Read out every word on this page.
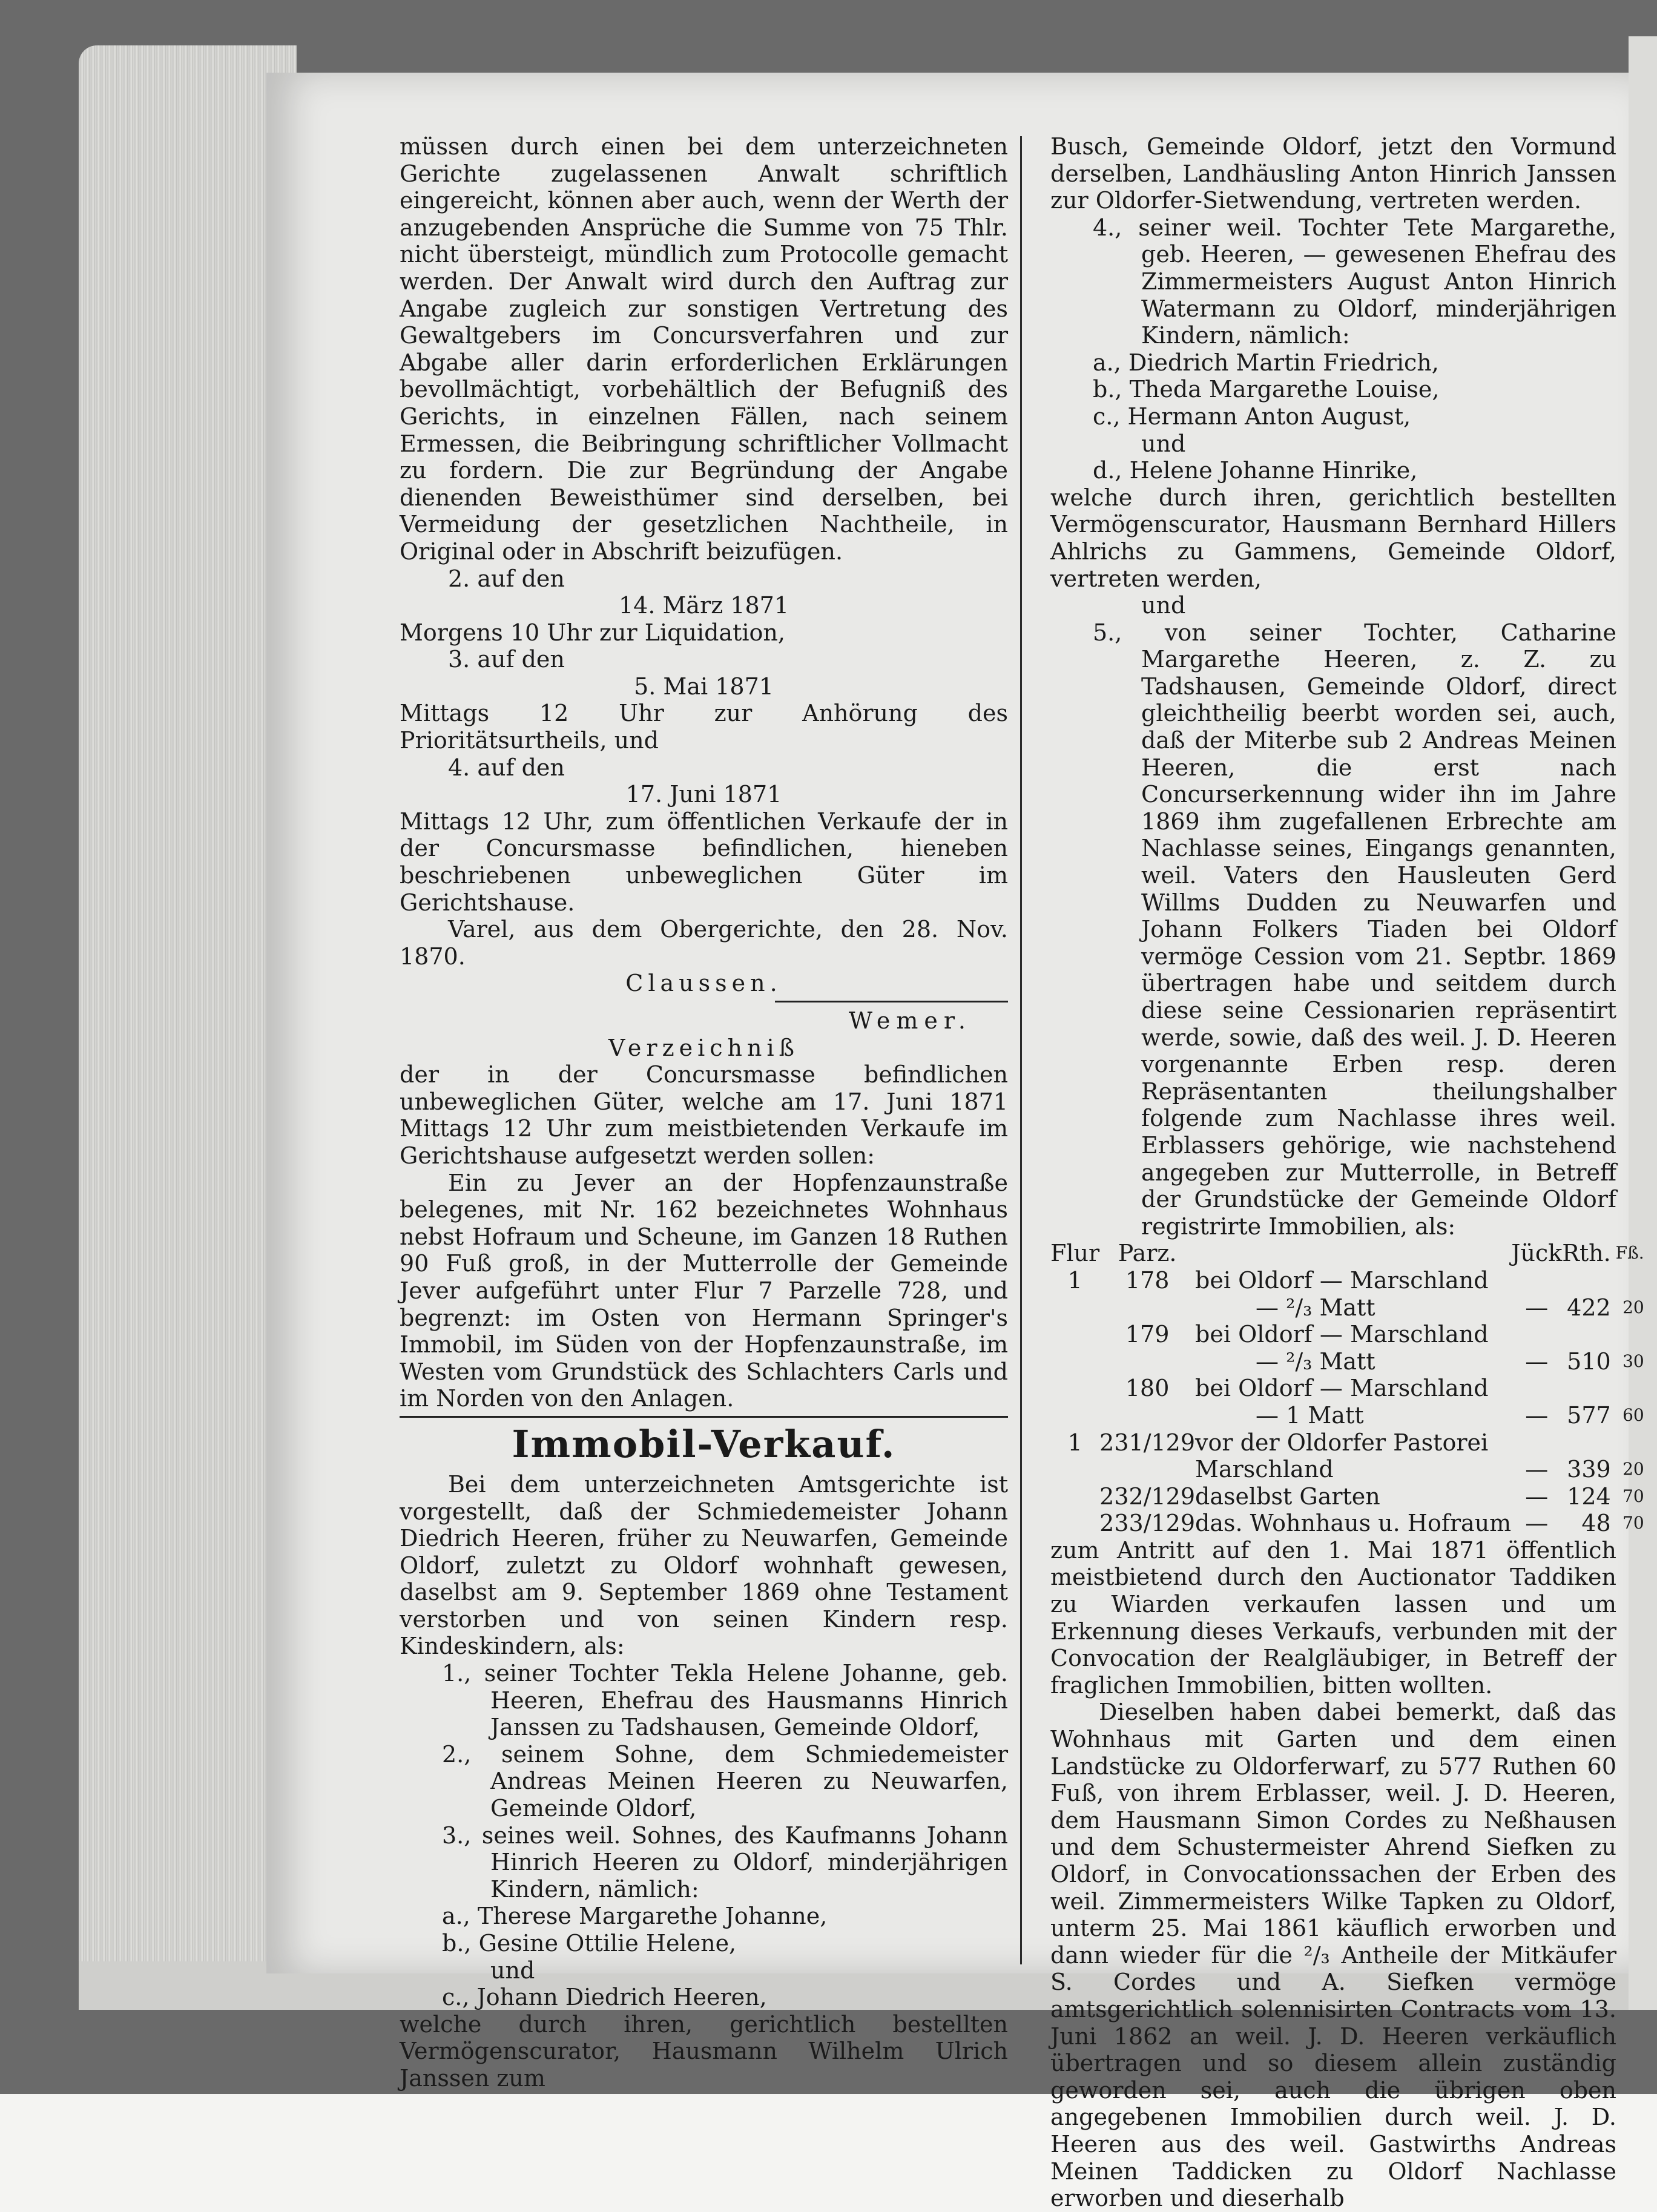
müssen durch einen bei dem unterzeichneten Gerichte zugelassenen Anwalt schriftlich eingereicht, können aber auch, wenn der Werth der anzugebenden Ansprüche die Summe von 75 Thlr. nicht übersteigt, mündlich zum Protocolle gemacht werden. Der Anwalt wird durch den Auftrag zur Angabe zugleich zur sonstigen Vertretung des Gewaltgebers im Concursverfahren und zur Abgabe aller darin erforderlichen Erklärungen bevollmächtigt, vorbehältlich der Befugniß des Gerichts, in einzelnen Fällen, nach seinem Ermessen, die Beibringung schriftlicher Vollmacht zu fordern. Die zur Begründung der Angabe dienenden Beweisthümer sind derselben, bei Vermeidung der gesetzlichen Nachtheile, in Original oder in Abschrift beizufügen.

2. auf den

14. März 1871

Morgens 10 Uhr zur Liquidation,

3. auf den

5. Mai 1871

Mittags 12 Uhr zur Anhörung des Prioritätsurtheils, und

4. auf den

17. Juni 1871

Mittags 12 Uhr, zum öffentlichen Verkaufe der in der Concursmasse befindlichen, hieneben beschriebenen unbeweglichen Güter im Gerichtshause.

Varel, aus dem Obergerichte, den 28. Nov. 1870.

Claussen.

Wemer.

Verzeichniß

der in der Concursmasse befindlichen unbeweglichen Güter, welche am 17. Juni 1871 Mittags 12 Uhr zum meistbietenden Verkaufe im Gerichtshause aufgesetzt werden sollen:

Ein zu Jever an der Hopfenzaunstraße belegenes, mit Nr. 162 bezeichnetes Wohnhaus nebst Hofraum und Scheune, im Ganzen 18 Ruthen 90 Fuß groß, in der Mutterrolle der Gemeinde Jever aufgeführt unter Flur 7 Parzelle 728, und begrenzt: im Osten von Hermann Springer's Immobil, im Süden von der Hopfenzaunstraße, im Westen vom Grundstück des Schlachters Carls und im Norden von den Anlagen.

Immobil-Verkauf.

Bei dem unterzeichneten Amtsgerichte ist vorgestellt, daß der Schmiedemeister Johann Diedrich Heeren, früher zu Neuwarfen, Gemeinde Oldorf, zuletzt zu Oldorf wohnhaft gewesen, daselbst am 9. September 1869 ohne Testament verstorben und von seinen Kindern resp. Kindeskindern, als:

1., seiner Tochter Tekla Helene Johanne, geb. Heeren, Ehefrau des Hausmanns Hinrich Janssen zu Tadshausen, Gemeinde Oldorf,

2., seinem Sohne, dem Schmiedemeister Andreas Meinen Heeren zu Neuwarfen, Gemeinde Oldorf,

3., seines weil. Sohnes, des Kaufmanns Johann Hinrich Heeren zu Oldorf, minderjährigen Kindern, nämlich:

a., Therese Margarethe Johanne,

b., Gesine Ottilie Helene,

und

c., Johann Diedrich Heeren,

welche durch ihren, gerichtlich bestellten Vermögenscurator, Hausmann Wilhelm Ulrich Janssen zum

Busch, Gemeinde Oldorf, jetzt den Vormund derselben, Landhäusling Anton Hinrich Janssen zur Oldorfer-Sietwendung, vertreten werden.

4., seiner weil. Tochter Tete Margarethe, geb. Heeren, — gewesenen Ehefrau des Zimmermeisters August Anton Hinrich Watermann zu Oldorf, minderjährigen Kindern, nämlich:

a., Diedrich Martin Friedrich,

b., Theda Margarethe Louise,

c., Hermann Anton August,

und

d., Helene Johanne Hinrike,

welche durch ihren, gerichtlich bestellten Vermögenscurator, Hausmann Bernhard Hillers Ahlrichs zu Gammens, Gemeinde Oldorf, vertreten werden,

und

5., von seiner Tochter, Catharine Margarethe Heeren, z. Z. zu Tadshausen, Gemeinde Oldorf, direct gleichtheilig beerbt worden sei, auch, daß der Miterbe sub 2 Andreas Meinen Heeren, die erst nach Concurserkennung wider ihn im Jahre 1869 ihm zugefallenen Erbrechte am Nachlasse seines, Eingangs genannten, weil. Vaters den Hausleuten Gerd Willms Dudden zu Neuwarfen und Johann Folkers Tiaden bei Oldorf vermöge Cession vom 21. Septbr. 1869 übertragen habe und seitdem durch diese seine Cessionarien repräsentirt werde, sowie, daß des weil. J. D. Heeren vorgenannte Erben resp. deren Repräsentanten theilungshalber folgende zum Nachlasse ihres weil. Erblassers gehörige, wie nachstehend angegeben zur Mutterrolle, in Betreff der Grundstücke der Gemeinde Oldorf registrirte Immobilien, als:

Flur	Parz.		Jück	Rth.	Fß.
1	178	bei Oldorf — Marschland			
		— ²/₃ Matt	—	422	20
	179	bei Oldorf — Marschland			
		— ²/₃ Matt	—	510	30
	180	bei Oldorf — Marschland			
		— 1 Matt	—	577	60
1	231/129	vor der Oldorfer Pastorei			
		Marschland	—	339	20
	232/129	daselbst Garten	—	124	70
	233/129	das. Wohnhaus u. Hofraum	—	48	70

zum Antritt auf den 1. Mai 1871 öffentlich meistbietend durch den Auctionator Taddiken zu Wiarden verkaufen lassen und um Erkennung dieses Verkaufs, verbunden mit der Convocation der Realgläubiger, in Betreff der fraglichen Immobilien, bitten wollten.

Dieselben haben dabei bemerkt, daß das Wohnhaus mit Garten und dem einen Landstücke zu Oldorferwarf, zu 577 Ruthen 60 Fuß, von ihrem Erblasser, weil. J. D. Heeren, dem Hausmann Simon Cordes zu Neßhausen und dem Schustermeister Ahrend Siefken zu Oldorf, in Convocationssachen der Erben des weil. Zimmermeisters Wilke Tapken zu Oldorf, unterm 25. Mai 1861 käuflich erworben und dann wieder für die ²/₃ Antheile der Mitkäufer S. Cordes und A. Siefken vermöge amtsgerichtlich solennisirten Contracts vom 13. Juni 1862 an weil. J. D. Heeren verkäuflich übertragen und so diesem allein zuständig geworden sei, auch die übrigen oben angegebenen Immobilien durch weil. J. D. Heeren aus des weil. Gastwirths Andreas Meinen Taddicken zu Oldorf Nachlasse erworben und dieserhalb
